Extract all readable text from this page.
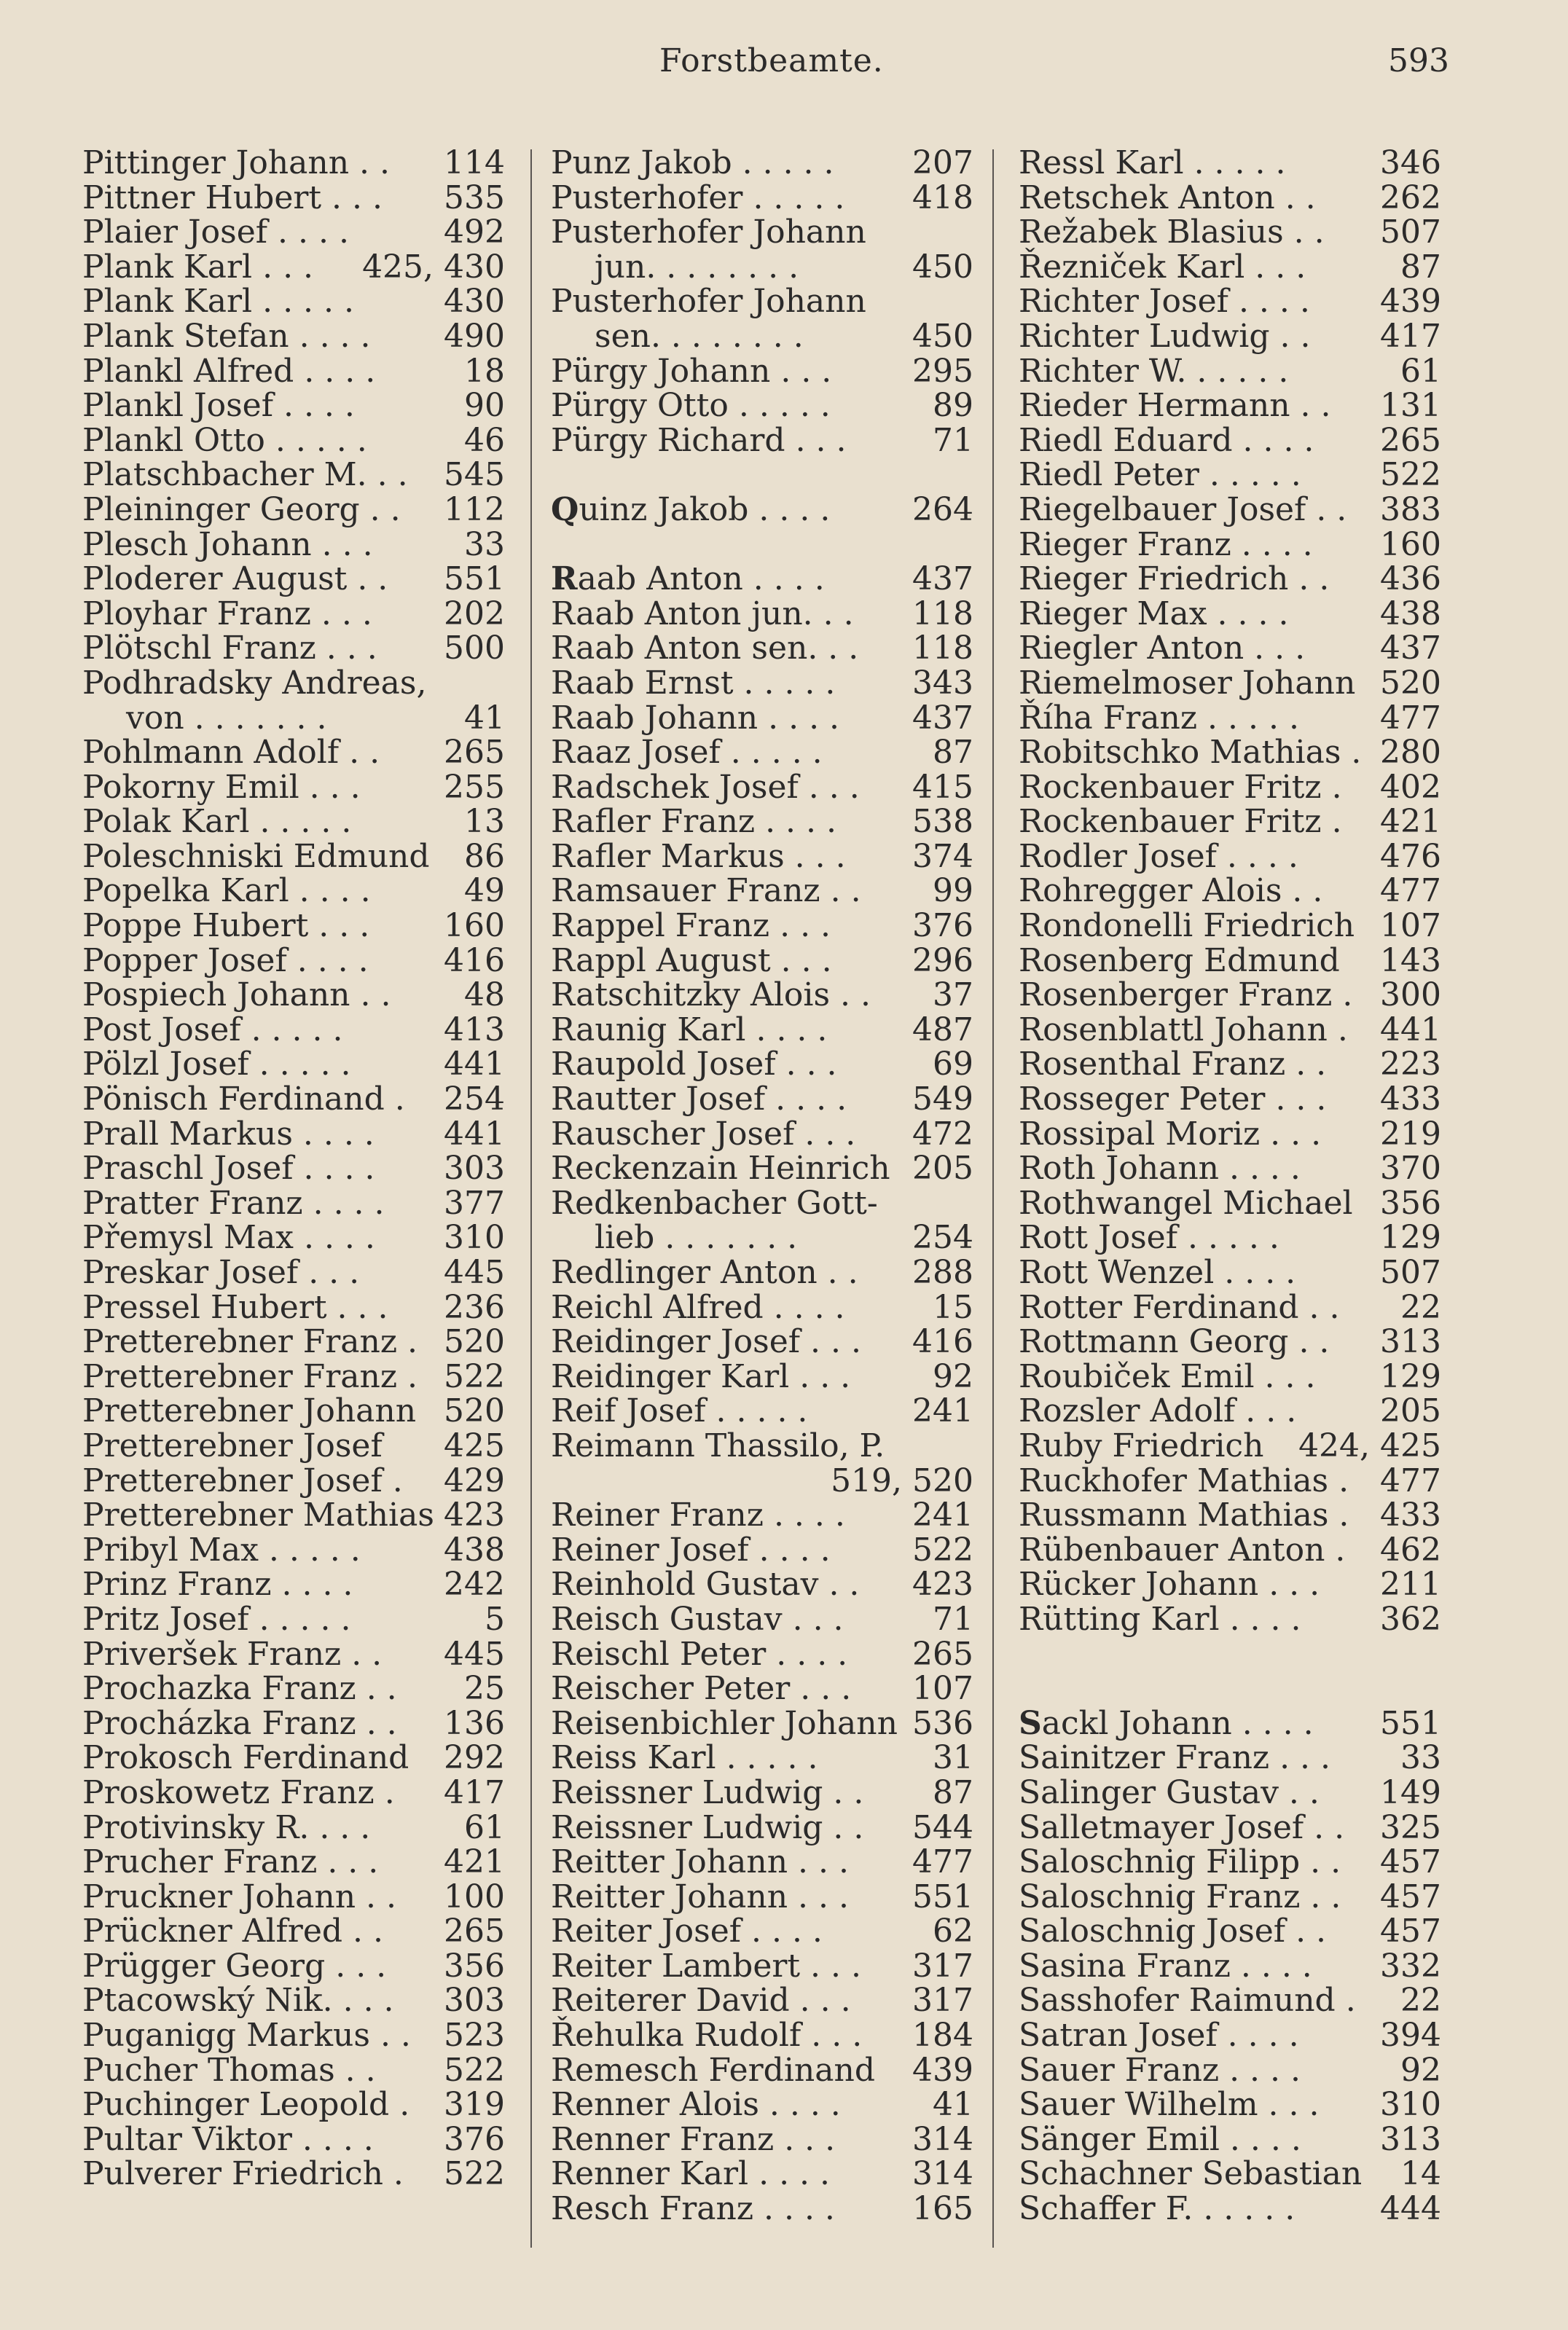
Forstbeamte.	593
Pittinger Johann . . 114
Pittner Hubert . . . 535
Plaier Josef . . . .	492
Plank Karl . . . 425, 430
Plank Karl . . . . .	430
Plank Stefan . . . . 490
Plankl Alfred . . . .	18
Plankl Josef . . . .	90
Plankl Otto . . . . .	46
Platschbacher M. . . 545
Pleininger Georg . . 112
Plesch Johann . . .	33
Ploderer August . . 551
Ployhar Franz . . . 202
Plötschl Franz . . . 500
Podhradsky Andreas,
von . . . . . . .	41
Pohlmann Adolf . . 265
Pokorny Emil . . .	255
Polak Karl . . . . .	13
Poleschniski Edmund 86
Popelka Karl . . . .	49
Poppe Hubert . . . 160
Popper Josef . . . . 416
Pospiech Johann . . 48
Post Josef . . . . .	413
Pölzl Josef . . . . .	441
Pönisch Ferdinand . 254
Prall Markus . . . . 441
Praschl Josef . . . . 303
Pratter Franz . . . . 377
Přemysl Max . . . . 310
Preskar Josef . . .	445
Pressel Hubert . . . 236
Pretterebner Franz . 520
Pretterebner Franz . 522
Pretterebner Johann 520
Pretterebner Josef 425
Pretterebner Josef . 429
Pretterebner Mathias 423
Pribyl Max . . . . .	438
Prinz Franz . . . .	242
Pritz Josef . . . . .	5
Priveršek Franz . . 445
Prochazka Franz . . 25
Procházka Franz . . 136
Prokosch Ferdinand 292
Proskowetz Franz . 417
Protivinsky R. . . .	61
Prucher Franz . . . 421
Pruckner Johann . . 100
Prückner Alfred . . 265
Prügger Georg . . . 356
Ptacowský Nik. . . . 303
Puganigg Markus . . 523
Pucher Thomas . . 522
Puchinger Leopold . 319
Pultar Viktor . . . . 376
Pulverer Friedrich . 522
Punz Jakob . . . . . 207
Pusterhofer . . . . . 418
Pusterhofer Johann
jun. . . . . . . .	450
Pusterhofer Johann
sen. . . . . . . .	450
Pürgy Johann . . .	295
Pürgy Otto . . . . .	89
Pürgy Richard . . .	71
Quinz Jakob . . . .	264
Raab Anton . . . .	437
Raab Anton jun. . . 118
Raab Anton sen. . . 118
Raab Ernst . . . . . 343
Raab Johann . . . . 437
Raaz Josef . . . . .	87
Radschek Josef . . . 415
Rafler Franz . . . . 538
Rafler Markus . . . 374
Ramsauer Franz . . 99
Rappel Franz . . .	376
Rappl August . . .	296
Ratschitzky Alois . . 37
Raunig Karl . . . .	487
Raupold Josef . . .	69
Rautter Josef . . . . 549
Rauscher Josef . . . 472
Reckenzain Heinrich 205
Redkenbacher Gott-
lieb . . . . . . .	254
Redlinger Anton . . 288
Reichl Alfred . . . .	15
Reidinger Josef . . . 416
Reidinger Karl . . .	92
Reif Josef . . . . .	241
Reimann Thassilo, P.
519, 520
Reiner Franz . . . . 241
Reiner Josef . . . .	522
Reinhold Gustav . . 423
Reisch Gustav . . .	71
Reischl Peter . . . . 265
Reischer Peter . . . 107
Reisenbichler Johann 536
Reiss Karl . . . . .	31
Reissner Ludwig . . 87
Reissner Ludwig . . 544
Reitter Johann . . . 477
Reitter Johann . . . 551
Reiter Josef . . . .	62
Reiter Lambert . . . 317
Reiterer David . . . 317
Řehulka Rudolf . . . 184
Remesch Ferdinand 439
Renner Alois . . . .	41
Renner Franz . . . 314
Renner Karl . . . .	314
Resch Franz . . . . 165
Ressl Karl . . . . .	346
Retschek Anton . . 262
Režabek Blasius . . 507
Řezniček Karl . . .	87
Richter Josef . . . . 439
Richter Ludwig . . 417
Richter W. . . . . .	61
Rieder Hermann . . 131
Riedl Eduard . . . . 265
Riedl Peter . . . . . 522
Riegelbauer Josef . . 383
Rieger Franz . . . . 160
Rieger Friedrich . . 436
Rieger Max . . . .	438
Riegler Anton . . . 437
Riemelmoser Johann 520
Říha Franz . . . . .	477
Robitschko Mathias . 280
Rockenbauer Fritz . 402
Rockenbauer Fritz . 421
Rodler Josef . . . .	476
Rohregger Alois . . 477
Rondonelli Friedrich 107
Rosenberg Edmund 143
Rosenberger Franz . 300
Rosenblattl Johann . 441
Rosenthal Franz . . 223
Rosseger Peter . . . 433
Rossipal Moriz . . . 219
Roth Johann . . . . 370
Rothwangel Michael 356
Rott Josef . . . . .	129
Rott Wenzel . . . .	507
Rotter Ferdinand . . 22
Rottmann Georg . . 313
Roubiček Emil . . . 129
Rozsler Adolf . . .	205
Ruby Friedrich 424, 425
Ruckhofer Mathias . 477
Russmann Mathias . 433
Rübenbauer Anton . 462
Rücker Johann . . . 211
Rütting Karl . . . . 362
Sackl Johann . . . . 551
Sainitzer Franz . . . 33
Salinger Gustav . . 149
Salletmayer Josef . . 325
Saloschnig Filipp . . 457
Saloschnig Franz . . 457
Saloschnig Josef . . 457
Sasina Franz . . . . 332
Sasshofer Raimund . 22
Satran Josef . . . .	394
Sauer Franz . . . .	92
Sauer Wilhelm . . . 310
Sänger Emil . . . . 313
Schachner Sebastian 14
Schaffer F. . . . . .	444
